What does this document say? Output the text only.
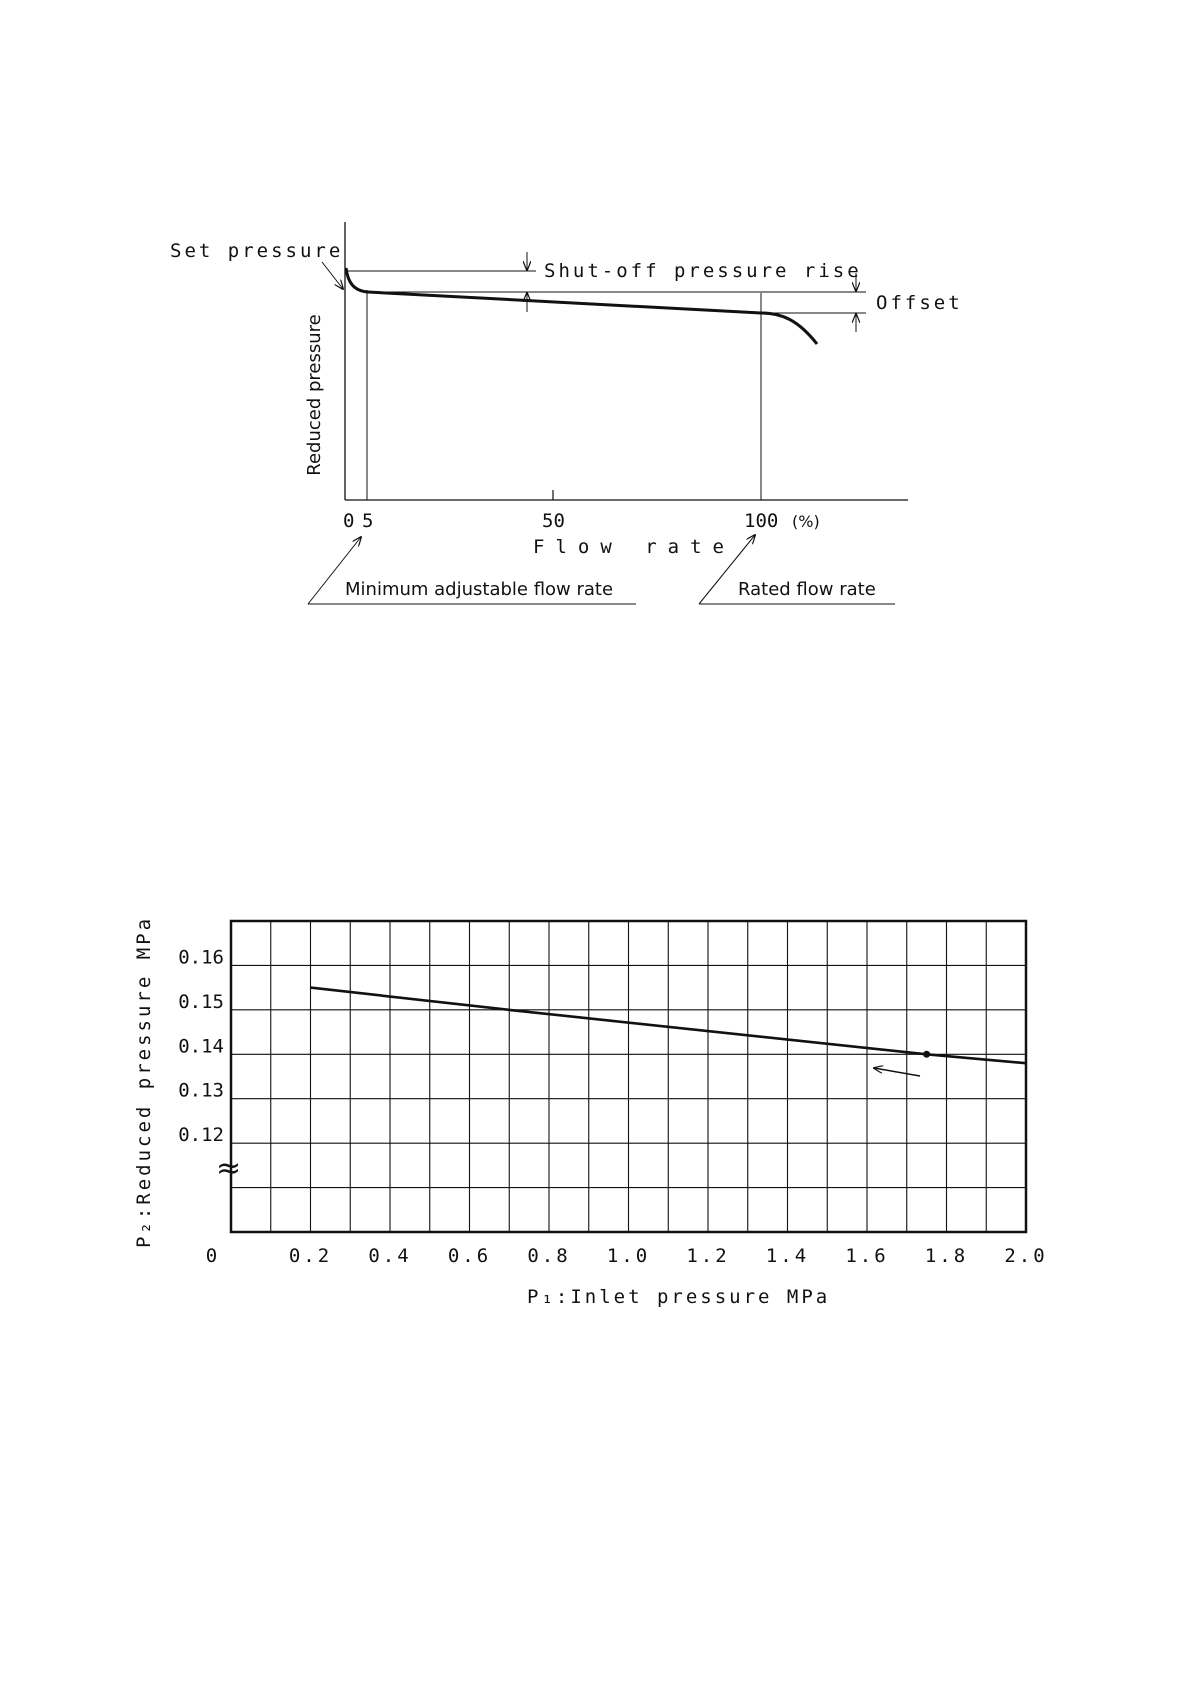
0 5	50	100 (%)
Flow rate
Reduced pressure
Set pressure
Shut-off pressure rise
Offset
Minimum adjustable flow rate	Rated flow rate
0	0.2 0.4 0.6 0.8 1.0 1.2 1.4 1.6 1.8 2.0
0.16
0.15
0.14
0.13
0.12
≈
P₁:Inlet pressure MPa
P₂:Reduced pressure MPa
